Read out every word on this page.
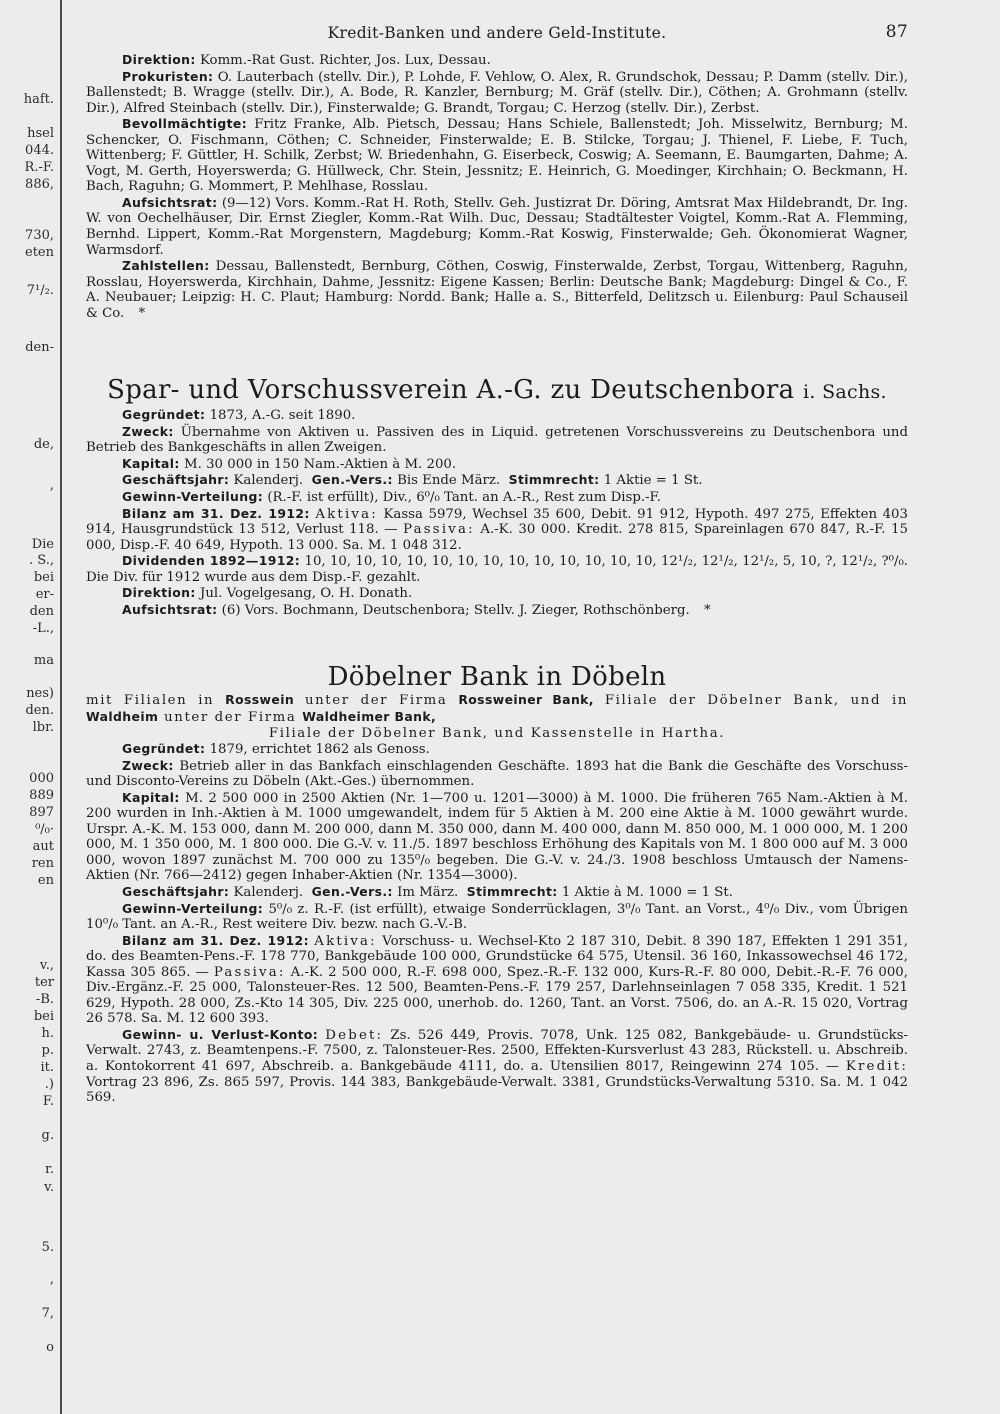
haft.
hsel
044.
R.-F.
886,
730,
eten
7¹/₂.
den-
de,
,
Die
. S.,
bei
er-
den
-L.,
ma
nes)
den.
lbr.
000
889
897
⁰/₀·
aut
ren
en
v.,
ter
-B.
bei
h.
p.
it.
.)
F.
g.
r.
v.
5.
,
7,
o
Kredit-Banken und andere Geld-Institute.	87

Direktion: Komm.-Rat Gust. Richter, Jos. Lux, Dessau.

Prokuristen: O. Lauterbach (stellv. Dir.), P. Lohde, F. Vehlow, O. Alex, R. Grundschok, Dessau; P. Damm (stellv. Dir.), Ballenstedt; B. Wragge (stellv. Dir.), A. Bode, R. Kanzler, Bernburg; M. Gräf (stellv. Dir.), Cöthen; A. Grohmann (stellv. Dir.), Alfred Steinbach (stellv. Dir.), Finsterwalde; G. Brandt, Torgau; C. Herzog (stellv. Dir.), Zerbst.

Bevollmächtigte: Fritz Franke, Alb. Pietsch, Dessau; Hans Schiele, Ballenstedt; Joh. Misselwitz, Bernburg; M. Schencker, O. Fischmann, Cöthen; C. Schneider, Finsterwalde; E. B. Stilcke, Torgau; J. Thienel, F. Liebe, F. Tuch, Wittenberg; F. Güttler, H. Schilk, Zerbst; W. Briedenhahn, G. Eiserbeck, Coswig; A. Seemann, E. Baumgarten, Dahme; A. Vogt, M. Gerth, Hoyerswerda; G. Hüllweck, Chr. Stein, Jessnitz; E. Heinrich, G. Moedinger, Kirchhain; O. Beckmann, H. Bach, Raguhn; G. Mommert, P. Mehlhase, Rosslau.

Aufsichtsrat: (9—12) Vors. Komm.-Rat H. Roth, Stellv. Geh. Justizrat Dr. Döring, Amtsrat Max Hildebrandt, Dr. Ing. W. von Oechelhäuser, Dir. Ernst Ziegler, Komm.-Rat Wilh. Duc, Dessau; Stadtältester Voigtel, Komm.-Rat A. Flemming, Bernhd. Lippert, Komm.-Rat Morgenstern, Magdeburg; Komm.-Rat Koswig, Finsterwalde; Geh. Ökonomierat Wagner, Warmsdorf.

Zahlstellen: Dessau, Ballenstedt, Bernburg, Cöthen, Coswig, Finsterwalde, Zerbst, Torgau, Wittenberg, Raguhn, Rosslau, Hoyerswerda, Kirchhain, Dahme, Jessnitz: Eigene Kassen; Berlin: Deutsche Bank; Magdeburg: Dingel & Co., F. A. Neubauer; Leipzig: H. C. Plaut; Hamburg: Nordd. Bank; Halle a. S., Bitterfeld, Delitzsch u. Eilenburg: Paul Schauseil & Co. *

Spar- und Vorschussverein A.-G. zu Deutschenbora i. Sachs.

Gegründet: 1873, A.-G. seit 1890.

Zweck: Übernahme von Aktiven u. Passiven des in Liquid. getretenen Vorschussvereins zu Deutschenbora und Betrieb des Bankgeschäfts in allen Zweigen.

Kapital: M. 30 000 in 150 Nam.-Aktien à M. 200.

Geschäftsjahr: Kalenderj. Gen.-Vers.: Bis Ende März. Stimmrecht: 1 Aktie = 1 St.

Gewinn-Verteilung: (R.-F. ist erfüllt), Div., 6⁰/₀ Tant. an A.-R., Rest zum Disp.-F.

Bilanz am 31. Dez. 1912: Aktiva: Kassa 5979, Wechsel 35 600, Debit. 91 912, Hypoth. 497 275, Effekten 403 914, Hausgrundstück 13 512, Verlust 118. — Passiva: A.-K. 30 000. Kredit. 278 815, Spareinlagen 670 847, R.-F. 15 000, Disp.-F. 40 649, Hypoth. 13 000. Sa. M. 1 048 312.

Dividenden 1892—1912: 10, 10, 10, 10, 10, 10, 10, 10, 10, 10, 10, 10, 10, 10, 12¹/₂, 12¹/₂, 12¹/₂, 5, 10, ?, 12¹/₂, ?⁰/₀. Die Div. für 1912 wurde aus dem Disp.-F. gezahlt.

Direktion: Jul. Vogelgesang, O. H. Donath.

Aufsichtsrat: (6) Vors. Bochmann, Deutschenbora; Stellv. J. Zieger, Rothschönberg. *

Döbelner Bank in Döbeln

mit Filialen in Rosswein unter der Firma Rossweiner Bank, Filiale der Döbelner Bank, und in Waldheim unter der Firma Waldheimer Bank,

Filiale der Döbelner Bank, und Kassenstelle in Hartha.

Gegründet: 1879, errichtet 1862 als Genoss.

Zweck: Betrieb aller in das Bankfach einschlagenden Geschäfte. 1893 hat die Bank die Geschäfte des Vorschuss- und Disconto-Vereins zu Döbeln (Akt.-Ges.) übernommen.

Kapital: M. 2 500 000 in 2500 Aktien (Nr. 1—700 u. 1201—3000) à M. 1000. Die früheren 765 Nam.-Aktien à M. 200 wurden in Inh.-Aktien à M. 1000 umgewandelt, indem für 5 Aktien à M. 200 eine Aktie à M. 1000 gewährt wurde. Urspr. A.-K. M. 153 000, dann M. 200 000, dann M. 350 000, dann M. 400 000, dann M. 850 000, M. 1 000 000, M. 1 200 000, M. 1 350 000, M. 1 800 000. Die G.-V. v. 11./5. 1897 beschloss Erhöhung des Kapitals von M. 1 800 000 auf M. 3 000 000, wovon 1897 zunächst M. 700 000 zu 135⁰/₀ begeben. Die G.-V. v. 24./3. 1908 beschloss Umtausch der Namens-Aktien (Nr. 766—2412) gegen Inhaber-Aktien (Nr. 1354—3000).

Geschäftsjahr: Kalenderj. Gen.-Vers.: Im März. Stimmrecht: 1 Aktie à M. 1000 = 1 St.

Gewinn-Verteilung: 5⁰/₀ z. R.-F. (ist erfüllt), etwaige Sonderrücklagen, 3⁰/₀ Tant. an Vorst., 4⁰/₀ Div., vom Übrigen 10⁰/₀ Tant. an A.-R., Rest weitere Div. bezw. nach G.-V.-B.

Bilanz am 31. Dez. 1912: Aktiva: Vorschuss- u. Wechsel-Kto 2 187 310, Debit. 8 390 187, Effekten 1 291 351, do. des Beamten-Pens.-F. 178 770, Bankgebäude 100 000, Grundstücke 64 575, Utensil. 36 160, Inkassowechsel 46 172, Kassa 305 865. — Passiva: A.-K. 2 500 000, R.-F. 698 000, Spez.-R.-F. 132 000, Kurs-R.-F. 80 000, Debit.-R.-F. 76 000, Div.-Ergänz.-F. 25 000, Talonsteuer-Res. 12 500, Beamten-Pens.-F. 179 257, Darlehnseinlagen 7 058 335, Kredit. 1 521 629, Hypoth. 28 000, Zs.-Kto 14 305, Div. 225 000, unerhob. do. 1260, Tant. an Vorst. 7506, do. an A.-R. 15 020, Vortrag 26 578. Sa. M. 12 600 393.

Gewinn- u. Verlust-Konto: Debet: Zs. 526 449, Provis. 7078, Unk. 125 082, Bankgebäude- u. Grundstücks-Verwalt. 2743, z. Beamtenpens.-F. 7500, z. Talonsteuer-Res. 2500, Effekten-Kursverlust 43 283, Rückstell. u. Abschreib. a. Kontokorrent 41 697, Abschreib. a. Bankgebäude 4111, do. a. Utensilien 8017, Reingewinn 274 105. — Kredit: Vortrag 23 896, Zs. 865 597, Provis. 144 383, Bankgebäude-Verwalt. 3381, Grundstücks-Verwaltung 5310. Sa. M. 1 042 569.
